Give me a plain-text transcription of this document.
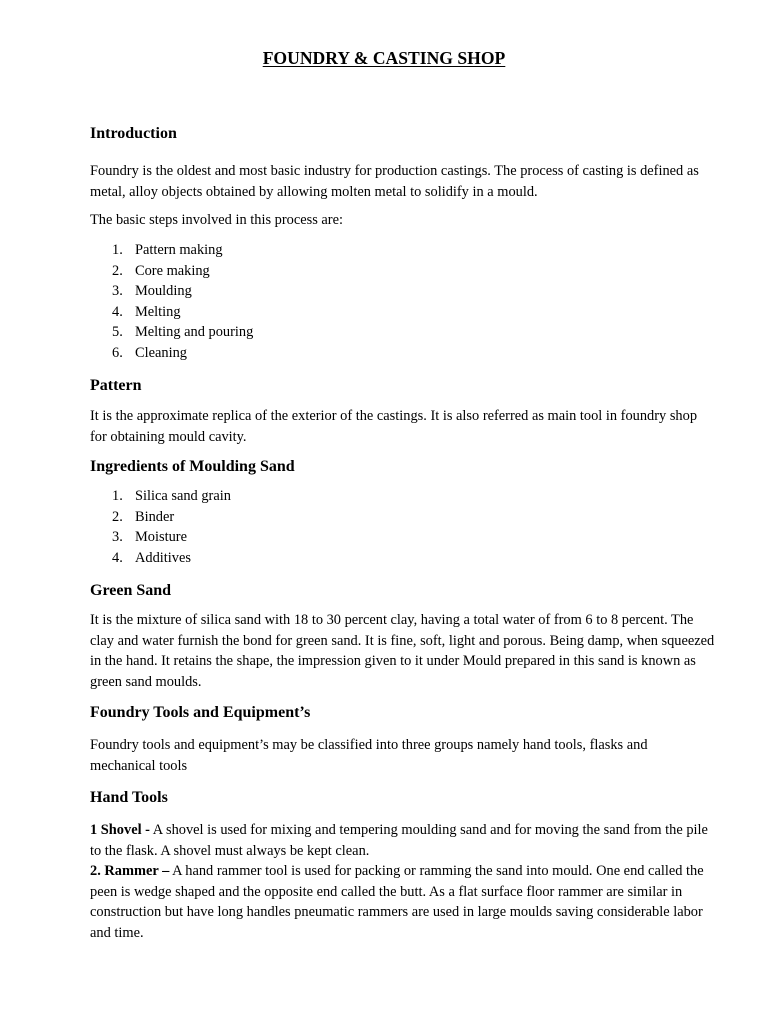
FOUNDRY & CASTING SHOP
Introduction

Foundry is the oldest and most basic industry for production castings. The process of casting is defined as metal, alloy objects obtained by allowing molten metal to solidify in a mould.

The basic steps involved in this process are:

1. Pattern making
2. Core making
3. Moulding
4. Melting
5. Melting and pouring
6. Cleaning
Pattern

It is the approximate replica of the exterior of the castings. It is also referred as main tool in foundry shop for obtaining mould cavity.

Ingredients of Moulding Sand
1. Silica sand grain
2. Binder
3. Moisture
4. Additives
Green Sand

It is the mixture of silica sand with 18 to 30 percent clay, having a total water of from 6 to 8 percent. The clay and water furnish the bond for green sand. It is fine, soft, light and porous. Being damp, when squeezed in the hand. It retains the shape, the impression given to it under Mould prepared in this sand is known as green sand moulds.

Foundry Tools and Equipment’s

Foundry tools and equipment’s may be classified into three groups namely hand tools, flasks and mechanical tools

Hand Tools

1 Shovel - A shovel is used for mixing and tempering moulding sand and for moving the sand from the pile to the flask. A shovel must always be kept clean.

2. Rammer – A hand rammer tool is used for packing or ramming the sand into mould. One end called the peen is wedge shaped and the opposite end called the butt. As a flat surface floor rammer are similar in construction but have long handles pneumatic rammers are used in large moulds saving considerable labor and time.
